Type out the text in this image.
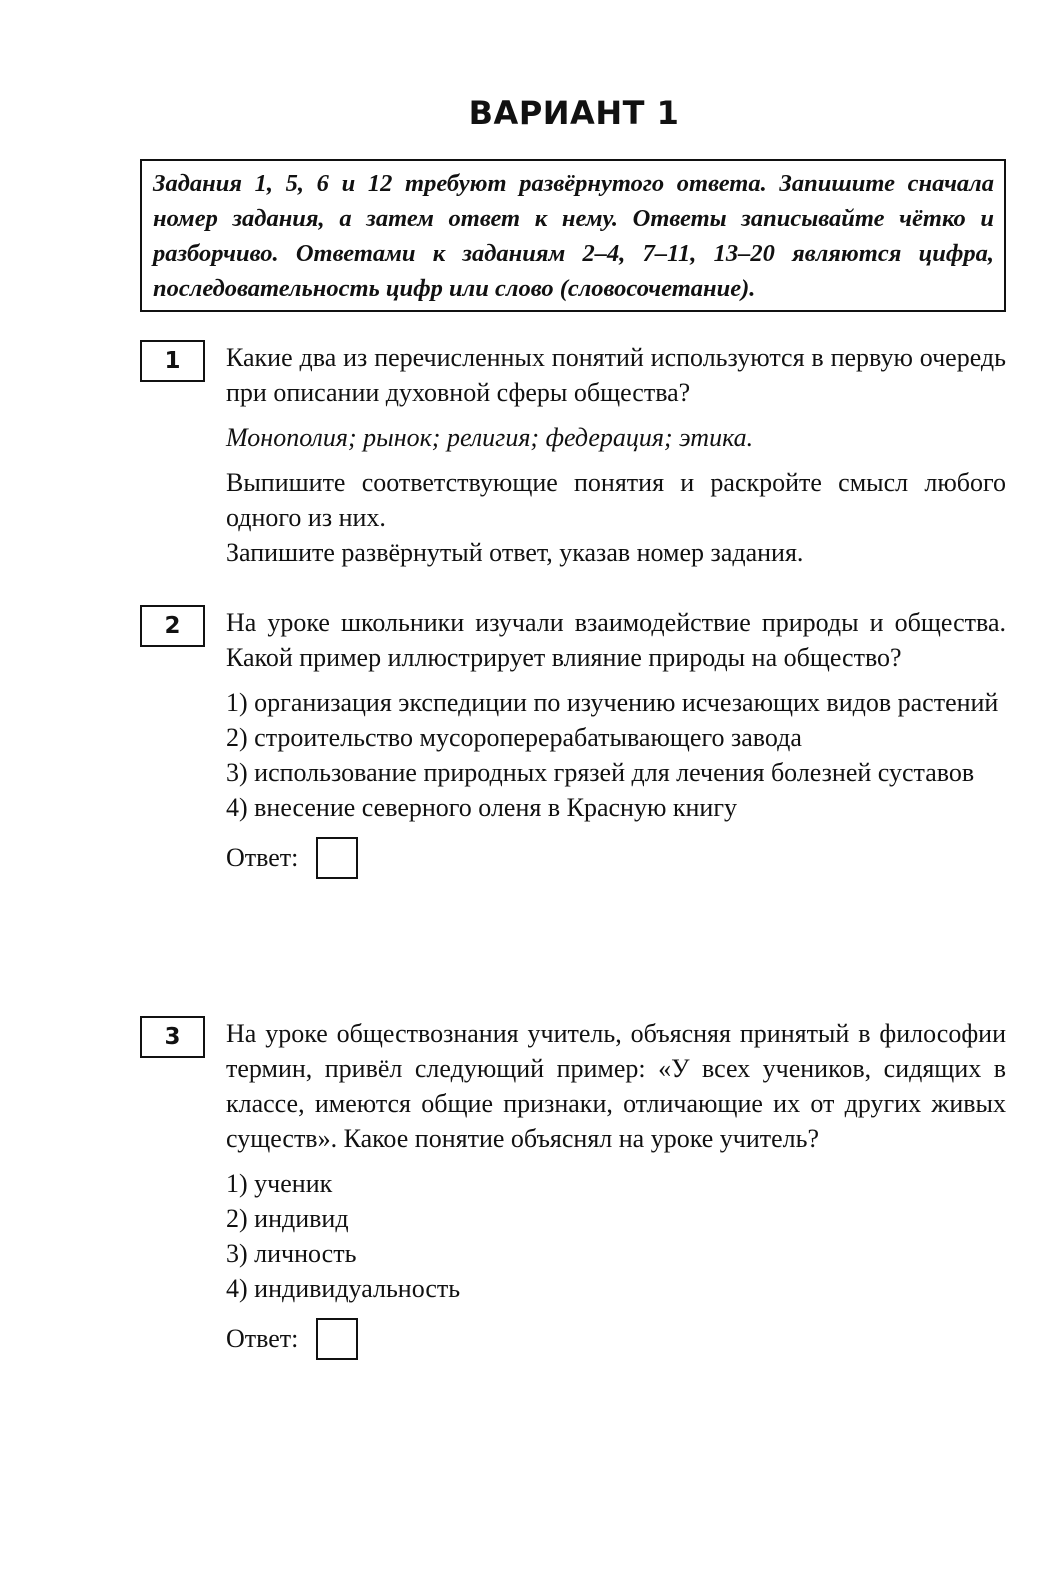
ВАРИАНТ 1
Задания 1, 5, 6 и 12 требуют развёрнутого ответа. Запишите сначала номер задания, а затем ответ к нему. Ответы записывайте чётко и разборчиво. Ответами к заданиям 2–4, 7–11, 13–20 являются цифра, последовательность цифр или слово (словосочетание).
1	Какие два из перечисленных понятий используются в первую очередь при описании духовной сферы общества?

Монополия; рынок; религия; федерация; этика.

Выпишите соответствующие понятия и раскройте смысл любого одного из них.

Запишите развёрнутый ответ, указав номер задания.

2	На уроке школьники изучали взаимодействие природы и общества. Какой пример иллюстрирует влияние природы на общество?

1) организация экспедиции по изучению исчезающих видов растений

2) строительство мусороперерабатывающего завода

3) использование природных грязей для лечения болезней суставов

4) внесение северного оленя в Красную книгу

Ответ:
3	На уроке обществознания учитель, объясняя принятый в философии термин, привёл следующий пример: «У всех учеников, сидящих в классе, имеются общие признаки, отличающие их от других живых существ». Какое понятие объяснял на уроке учитель?

1) ученик

2) индивид

3) личность

4) индивидуальность

Ответ:
